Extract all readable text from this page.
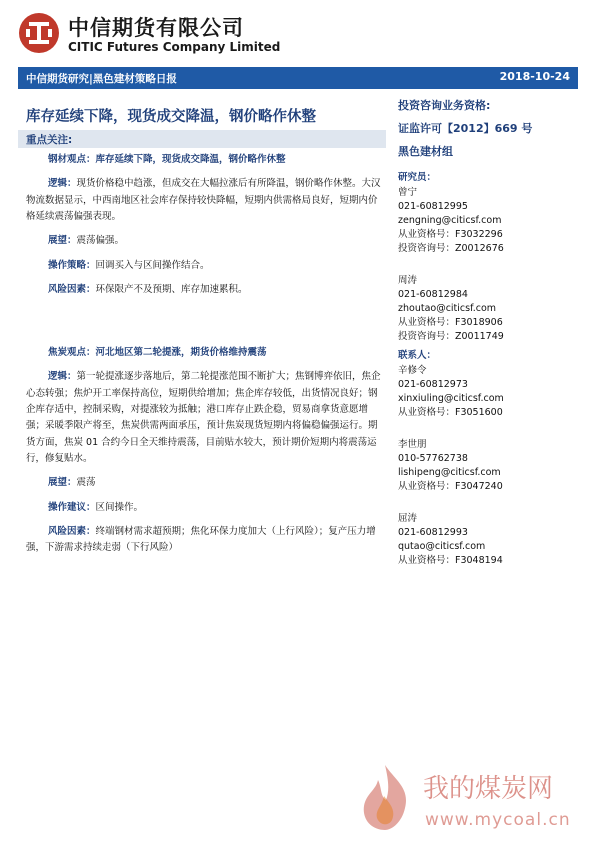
中信期货有限公司
CITIC Futures Company Limited
中信期货研究|黑色建材策略日报	2018-10-24
库存延续下降，现货成交降温，钢价略作休整
重点关注:

钢材观点：库存延续下降，现货成交降温，钢价略作休整

逻辑：现货价格稳中趋涨，但成交在大幅拉涨后有所降温，钢价略作休整。大汉物流数据显示，中西南地区社会库存保持较快降幅，短期内供需格局良好，短期内价格延续震荡偏强表现。

展望：震荡偏强。

操作策略：回调买入与区间操作结合。

风险因素：环保限产不及预期、库存加速累积。

焦炭观点：河北地区第二轮提涨，期货价格维持震荡

逻辑：第一轮提涨逐步落地后，第二轮提涨范围不断扩大；焦钢博弈依旧，焦企心态转强；焦炉开工率保持高位，短期供给增加；焦企库存较低，出货情况良好；钢企库存适中，控制采购，对提涨较为抵触；港口库存止跌企稳，贸易商拿货意愿增强；采暖季限产将至，焦炭供需两面承压，预计焦炭现货短期内将偏稳偏强运行。期货方面，焦炭 01 合约今日全天维持震荡，目前贴水较大，预计期价短期内将震荡运行，修复贴水。

展望：震荡

操作建议：区间操作。

风险因素：终端钢材需求超预期；焦化环保力度加大（上行风险）；复产压力增强，下游需求持续走弱（下行风险）

投资咨询业务资格:
证监许可【2012】669 号
黑色建材组
研究员：
曾宁
021-60812995
zengning@citicsf.com
从业资格号：F3032296
投资咨询号：Z0012676
周涛
021-60812984
zhoutao@citicsf.com
从业资格号：F3018906
投资咨询号：Z0011749
联系人：
辛修令
021-60812973
xinxiuling@citicsf.com
从业资格号：F3051600
李世朋
010-57762738
lishipeng@citicsf.com
从业资格号：F3047240
屈涛
021-60812993
qutao@citicsf.com
从业资格号：F3048194
我的煤炭网
www.mycoal.cn
